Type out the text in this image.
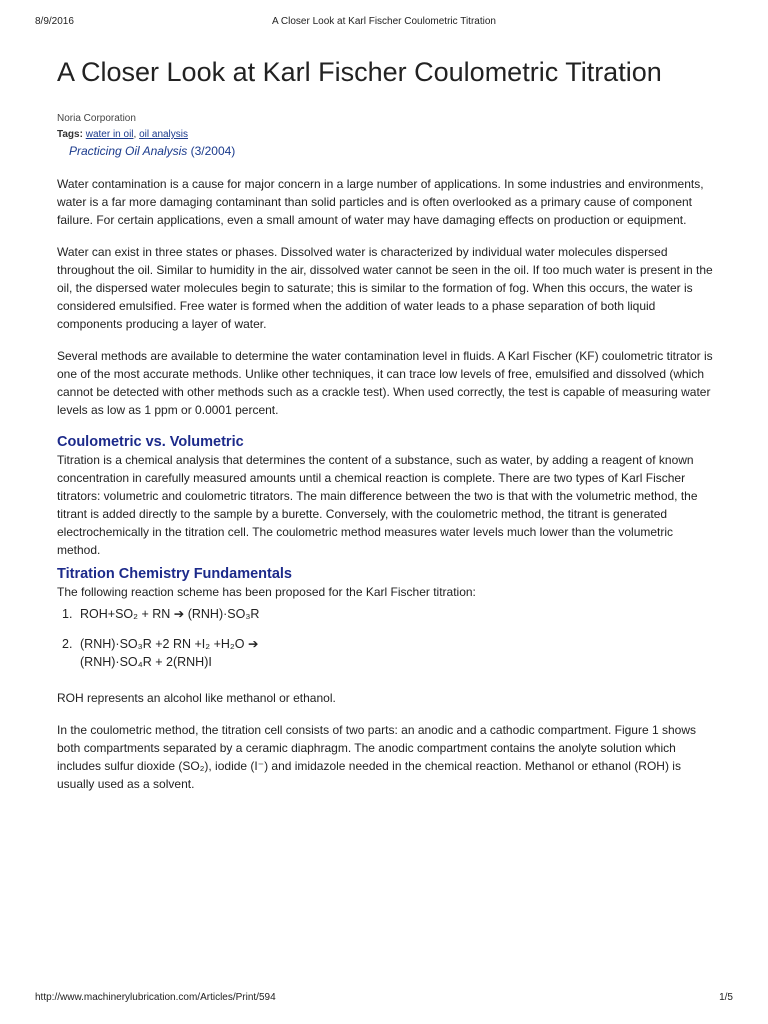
8/9/2016	A Closer Look at Karl Fischer Coulometric Titration
A Closer Look at Karl Fischer Coulometric Titration
Noria Corporation
Tags: water in oil, oil analysis
Practicing Oil Analysis (3/2004)

Water contamination is a cause for major concern in a large number of applications. In some industries and environments, water is a far more damaging contaminant than solid particles and is often overlooked as a primary cause of component failure. For certain applications, even a small amount of water may have damaging effects on production or equipment.

Water can exist in three states or phases. Dissolved water is characterized by individual water molecules dispersed throughout the oil. Similar to humidity in the air, dissolved water cannot be seen in the oil. If too much water is present in the oil, the dispersed water molecules begin to saturate; this is similar to the formation of fog. When this occurs, the water is considered emulsified. Free water is formed when the addition of water leads to a phase separation of both liquid components producing a layer of water.

Several methods are available to determine the water contamination level in fluids. A Karl Fischer (KF) coulometric titrator is one of the most accurate methods. Unlike other techniques, it can trace low levels of free, emulsified and dissolved (which cannot be detected with other methods such as a crackle test). When used correctly, the test is capable of measuring water levels as low as 1 ppm or 0.0001 percent.

Coulometric vs. Volumetric

Titration is a chemical analysis that determines the content of a substance, such as water, by adding a reagent of known concentration in carefully measured amounts until a chemical reaction is complete. There are two types of Karl Fischer titrators: volumetric and coulometric titrators. The main difference between the two is that with the volumetric method, the titrant is added directly to the sample by a burette. Conversely, with the coulometric method, the titrant is generated electrochemically in the titration cell. The coulometric method measures water levels much lower than the volumetric method.

Titration Chemistry Fundamentals

The following reaction scheme has been proposed for the Karl Fischer titration:

1. ROH+SO₂ + RN ➔ (RNH)·SO₃R
2. (RNH)·SO₃R +2 RN +I₂ +H₂O ➔
(RNH)·SO₄R + 2(RNH)I

ROH represents an alcohol like methanol or ethanol.

In the coulometric method, the titration cell consists of two parts: an anodic and a cathodic compartment. Figure 1 shows both compartments separated by a ceramic diaphragm. The anodic compartment contains the anolyte solution which includes sulfur dioxide (SO₂), iodide (I⁻) and imidazole needed in the chemical reaction. Methanol or ethanol (ROH) is usually used as a solvent.

http://www.machinerylubrication.com/Articles/Print/594	1/5
